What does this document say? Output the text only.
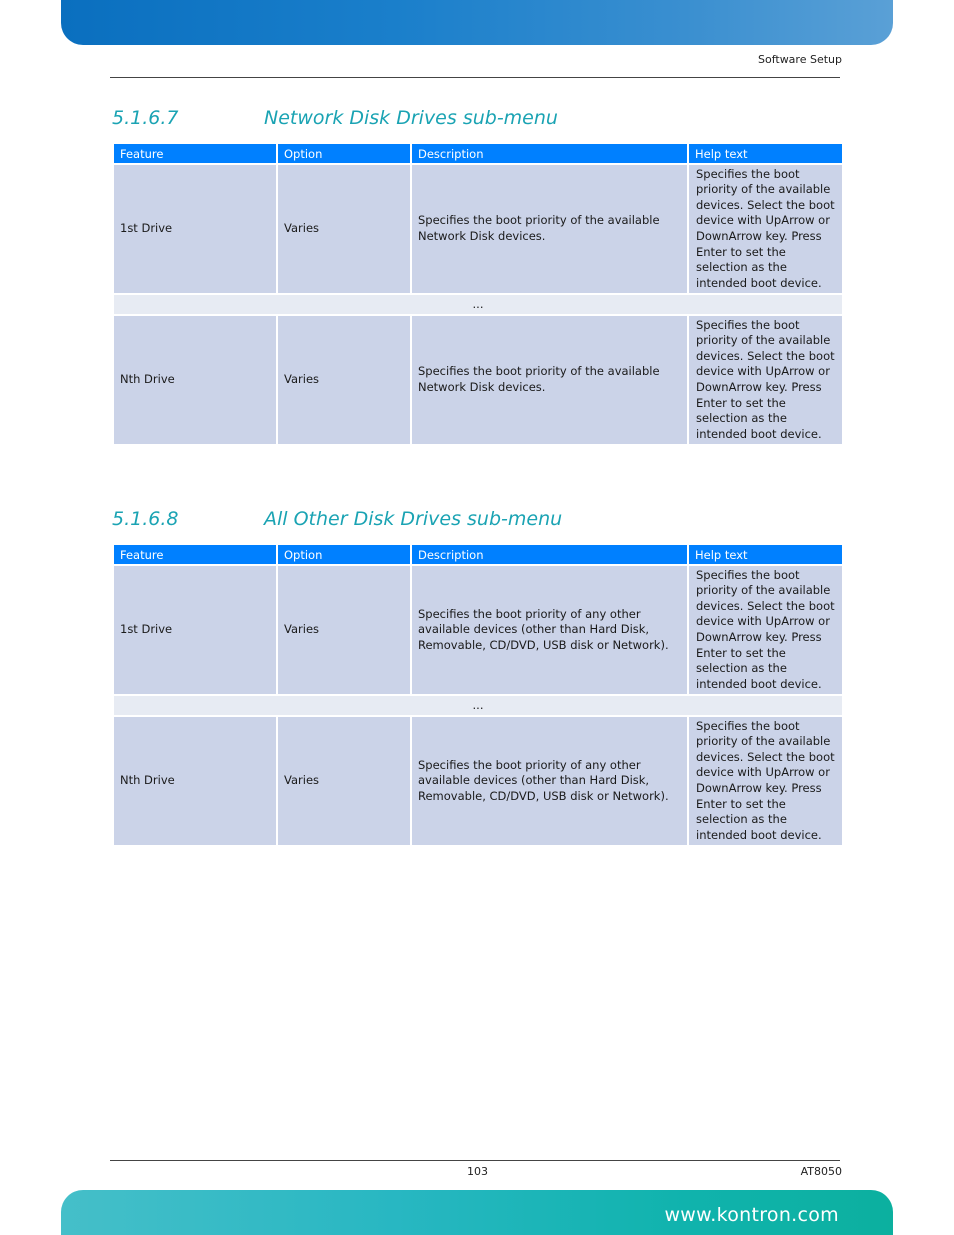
Software Setup
5.1.6.7	Network Disk Drives sub-menu
Feature	Option	Description	Help text
1st Drive	Varies	Specifies the boot priority of the available Network Disk devices.	Specifies the boot priority of the available devices. Select the boot device with UpArrow or DownArrow key. Press Enter to set the selection as the intended boot device.
...			
Nth Drive	Varies	Specifies the boot priority of the available Network Disk devices.	Specifies the boot priority of the available devices. Select the boot device with UpArrow or DownArrow key. Press Enter to set the selection as the intended boot device.
5.1.6.8	All Other Disk Drives sub-menu
Feature	Option	Description	Help text
1st Drive	Varies	Specifies the boot priority of any other available devices (other than Hard Disk, Removable, CD/DVD, USB disk or Network).	Specifies the boot priority of the available devices. Select the boot device with UpArrow or DownArrow key. Press Enter to set the selection as the intended boot device.
...			
Nth Drive	Varies	Specifies the boot priority of any other available devices (other than Hard Disk, Removable, CD/DVD, USB disk or Network).	Specifies the boot priority of the available devices. Select the boot device with UpArrow or DownArrow key. Press Enter to set the selection as the intended boot device.
103	AT8050
www.kontron.com
